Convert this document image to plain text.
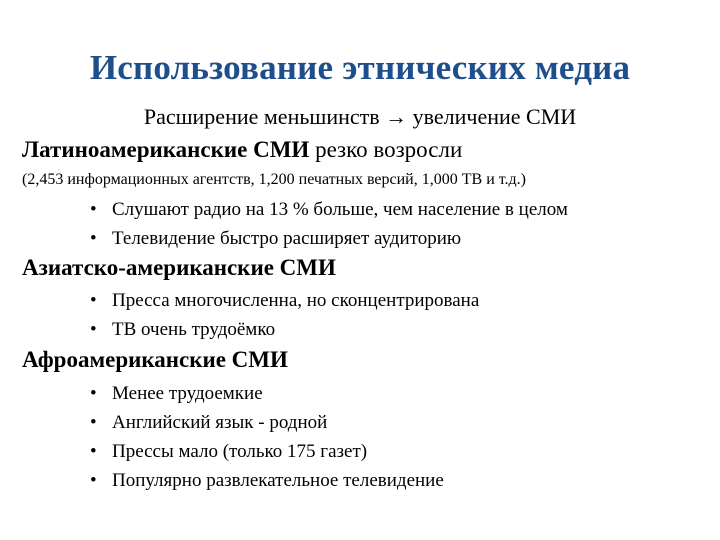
Использование этнических медиа
Расширение меньшинств → увеличение СМИ
Латиноамериканские СМИ резко возросли
(2,453 информационных агентств, 1,200 печатных версий, 1,000 ТВ и т.д.)
• Слушают радио на 13 % больше, чем население в целом
• Телевидение быстро расширяет аудиторию
Азиатско-американские СМИ
• Пресса многочисленна, но сконцентрирована
• ТВ очень трудоёмко
Афроамериканские СМИ
• Менее трудоемкие
• Английский язык - родной
• Прессы мало (только 175 газет)
• Популярно развлекательное телевидение
